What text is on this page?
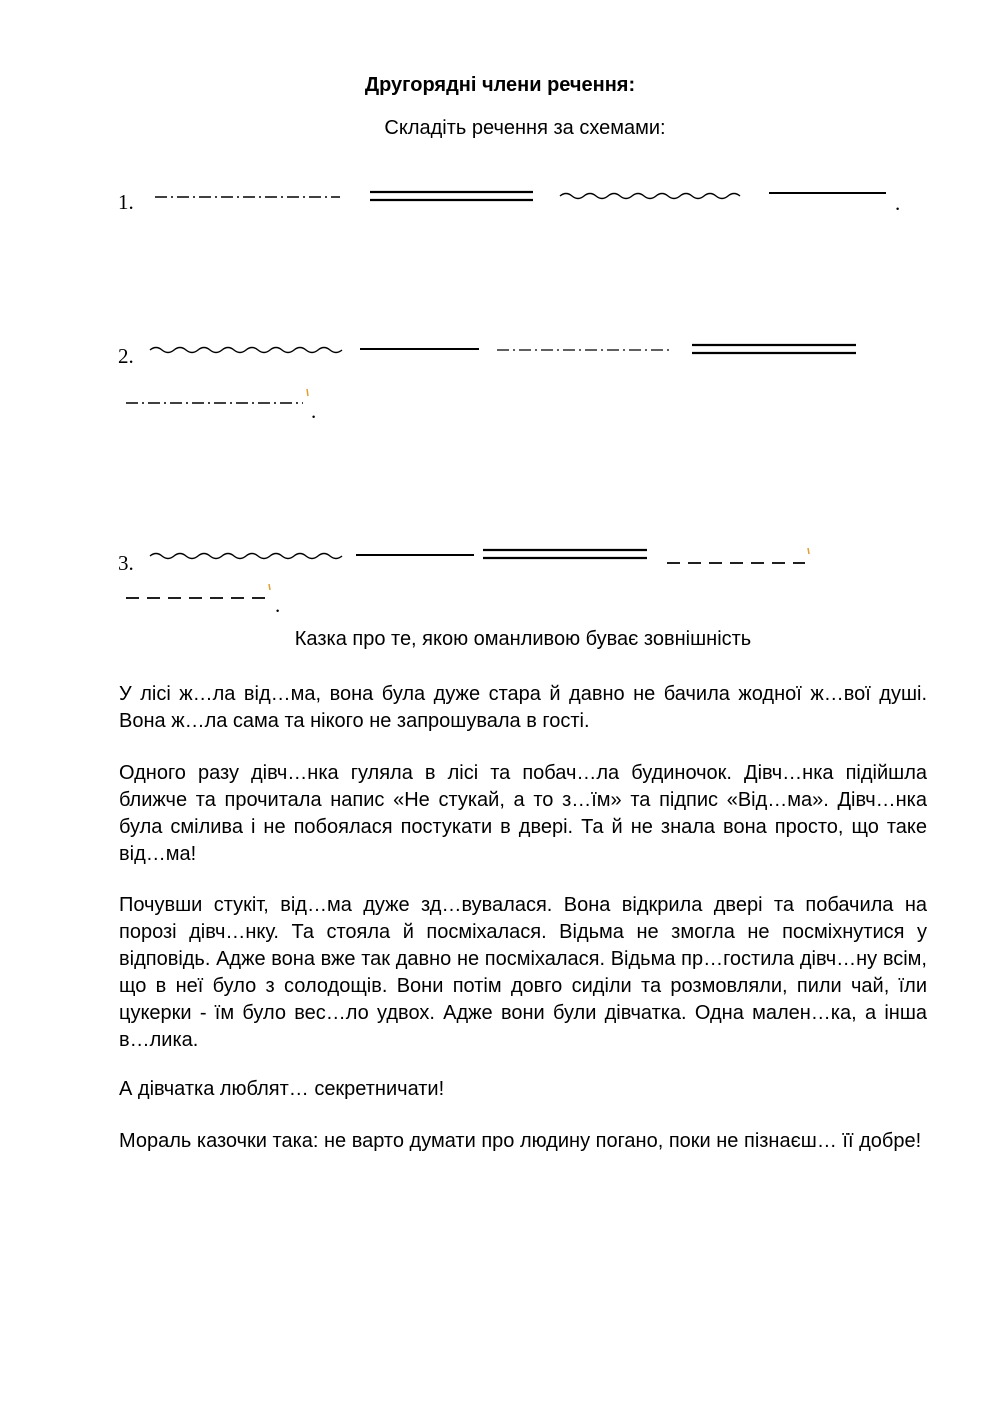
Другорядні члени речення:
Складіть речення за схемами:
1.	.
2.
.
3.
.
Казка про те, якою оманливою буває зовнішність

У лісі ж…ла від…ма, вона була дуже стара й давно не бачила жодної ж…вої душі. Вона ж…ла сама та нікого не запрошувала в гості.

Одного разу дівч…нка гуляла в лісі та побач…ла будиночок. Дівч…нка підійшла ближче та прочитала напис «Не стукай, а то з…їм» та підпис «Від…ма». Дівч…нка була смілива і не побоялася постукати в двері. Та й не знала вона просто, що таке від…ма!

Почувши стукіт, від…ма дуже зд…вувалася. Вона відкрила двері та побачила на порозі дівч…нку. Та стояла й посміхалася. Відьма не змогла не посміхнутися у відповідь. Адже вона вже так давно не посміхалася. Відьма пр…гостила дівч…ну всім, що в неї було з солодощів. Вони потім довго сиділи та розмовляли, пили чай, їли цукерки - їм було вес…ло удвох. Адже вони були дівчатка. Одна мален…ка, а інша в…лика.

А дівчатка люблят… секретничати!

Мораль казочки така: не варто думати про людину погано, поки не пізнаєш… її добре!
